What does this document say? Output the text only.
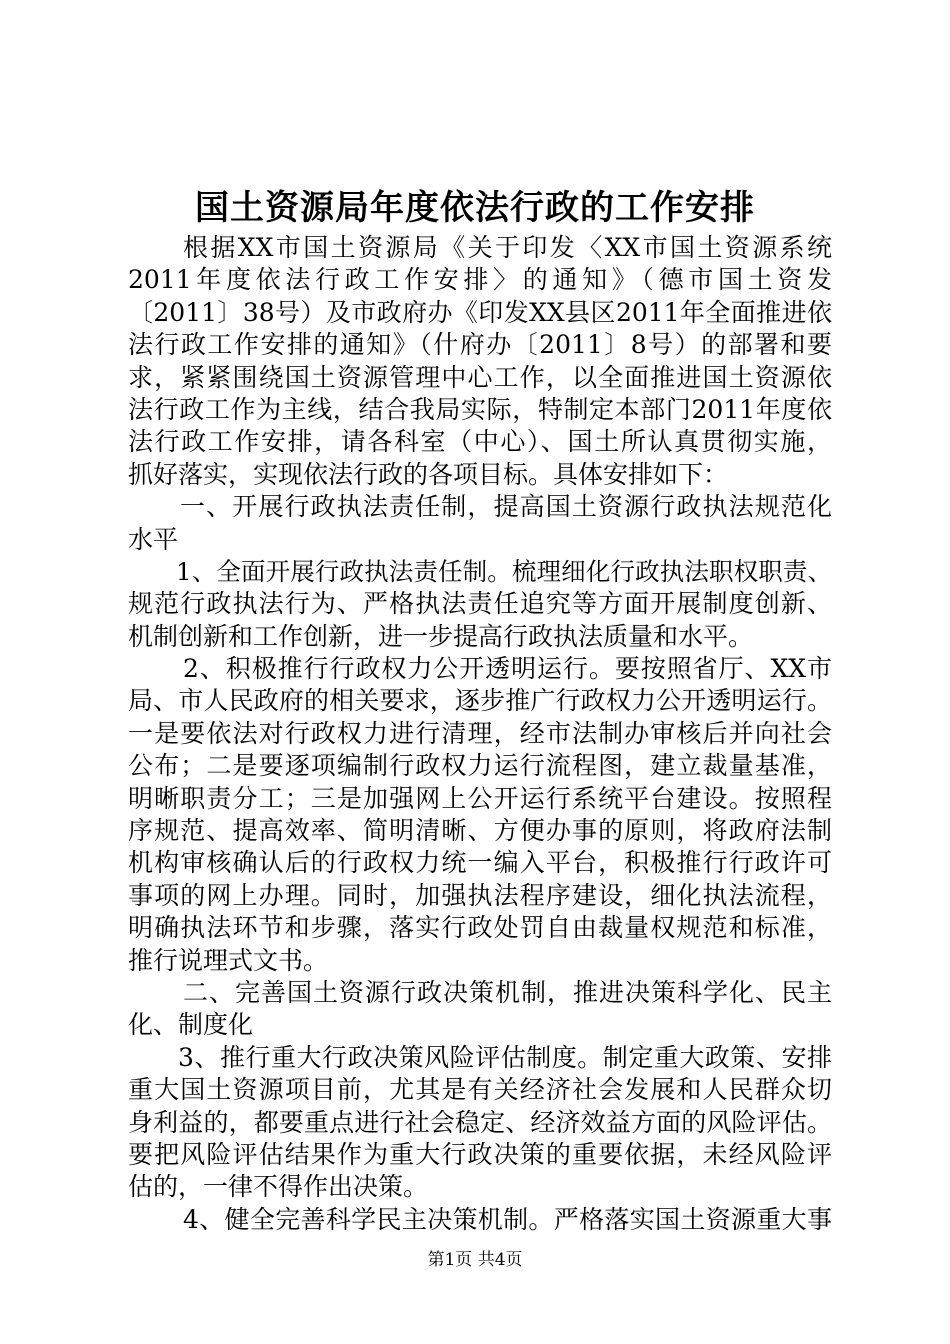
国土资源局年度依法行政的工作安排
根据XX市国土资源局《关于印发〈XX市国土资源系统
2011年度依法行政工作安排〉的通知》（德市国土资发
〔2011〕38号）及市政府办《印发XX县区2011年全面推进依
法行政工作安排的通知》（什府办〔2011〕8号）的部署和要
求，紧紧围绕国土资源管理中心工作，以全面推进国土资源依
法行政工作为主线，结合我局实际，特制定本部门2011年度依
法行政工作安排，请各科室（中心）、国土所认真贯彻实施，
抓好落实，实现依法行政的各项目标。具体安排如下：
一、开展行政执法责任制，提高国土资源行政执法规范化
水平
1、全面开展行政执法责任制。梳理细化行政执法职权职责、
规范行政执法行为、严格执法责任追究等方面开展制度创新、
机制创新和工作创新，进一步提高行政执法质量和水平。
2、积极推行行政权力公开透明运行。要按照省厅、XX市
局、市人民政府的相关要求，逐步推广行政权力公开透明运行。
一是要依法对行政权力进行清理，经市法制办审核后并向社会
公布；二是要逐项编制行政权力运行流程图，建立裁量基准，
明晰职责分工；三是加强网上公开运行系统平台建设。按照程
序规范、提高效率、简明清晰、方便办事的原则，将政府法制
机构审核确认后的行政权力统一编入平台，积极推行行政许可
事项的网上办理。同时，加强执法程序建设，细化执法流程，
明确执法环节和步骤，落实行政处罚自由裁量权规范和标准，
推行说理式文书。
二、完善国土资源行政决策机制，推进决策科学化、民主
化、制度化
3、推行重大行政决策风险评估制度。制定重大政策、安排
重大国土资源项目前，尤其是有关经济社会发展和人民群众切
身利益的，都要重点进行社会稳定、经济效益方面的风险评估。
要把风险评估结果作为重大行政决策的重要依据，未经风险评
估的，一律不得作出决策。
4、健全完善科学民主决策机制。严格落实国土资源重大事
第1页 共4页
